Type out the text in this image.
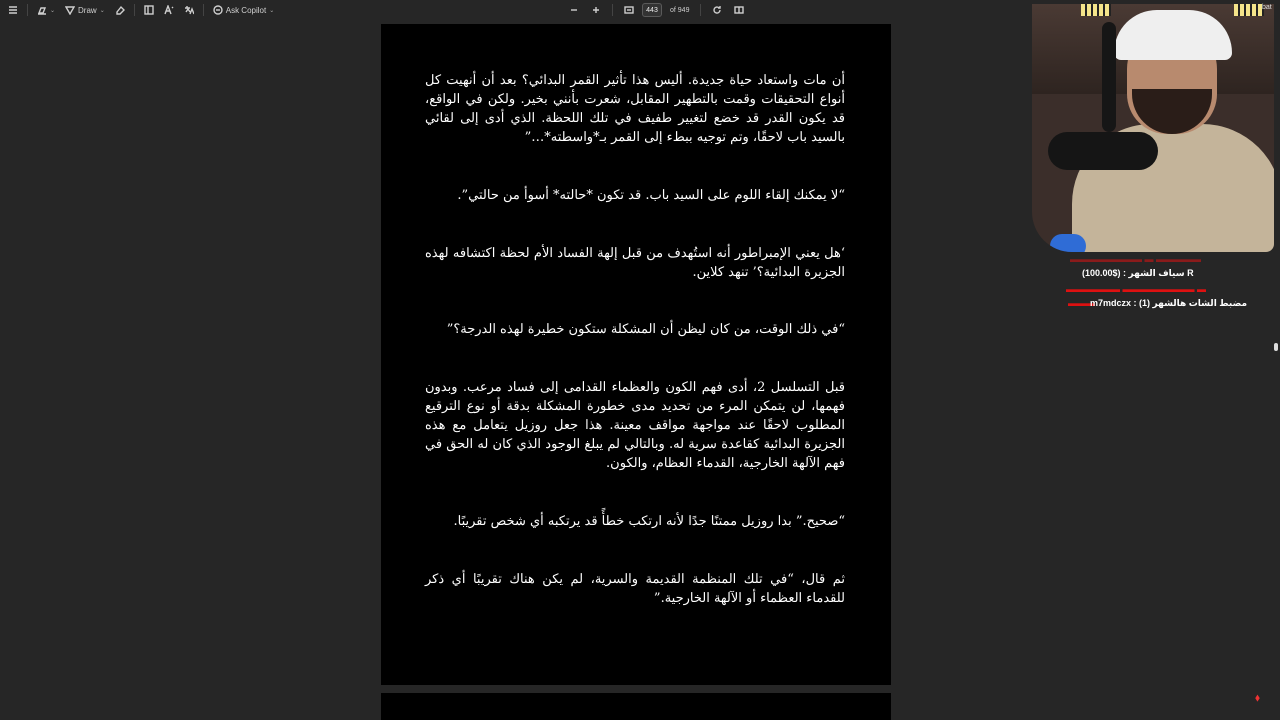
⌄	Draw ⌄	Ask Copilot ⌄	443	of 949

أن مات واستعاد حياة جديدة. أليس هذا تأثير القمر البدائي؟ بعد أن أنهيت كل أنواع التحقيقات وقمت بالتطهير المقابل، شعرت بأنني بخير. ولكن في الواقع، قد يكون القدر قد خضع لتغيير طفيف في تلك اللحظة. الذي أدى إلى لقائي بالسيد باب لاحقًا، وتم توجيه ببطء إلى القمر بـ*واسطته*…”

“لا يمكنك إلقاء اللوم على السيد باب. قد تكون *حالته* أسوأ من حالتي”.

‘هل يعني الإمبراطور أنه استُهدف من قبل إلهة الفساد الأم لحظة اكتشافه لهذه الجزيرة البدائية؟’ تنهد كلاين.

“في ذلك الوقت، من كان ليظن أن المشكلة ستكون خطيرة لهذه الدرجة؟”

قبل التسلسل 2، أدى فهم الكون والعظماء القدامى إلى فساد مرعب. وبدون فهمها، لن يتمكن المرء من تحديد مدى خطورة المشكلة بدقة أو نوع الترقيع المطلوب لاحقًا عند مواجهة مواقف معينة. هذا جعل روزيل يتعامل مع هذه الجزيرة البدائية كقاعدة سرية له. وبالتالي لم يبلغ الوجود الذي كان له الحق في فهم الآلهة الخارجية، القدماء العظام، والكون.

“صحيح.” بدا روزيل ممتنًا جدًا لأنه ارتكب خطأً قد يرتكبه أي شخص تقريبًا.

ثم قال، “في تلك المنظمة القديمة والسرية، لم يكن هناك تقريبًا أي ذكر للقدماء العظماء أو الآلهة الخارجية.”

bat
▬▬▬▬▬▬▬▬ ▬ ▬▬▬▬▬
سياف الشهر : ($100.00) R
▬▬▬▬▬▬ ▬▬▬▬▬▬▬▬ ▬
▬▬▬
m7mdczx : (1) مضبط الشات هالشهر
⬧
